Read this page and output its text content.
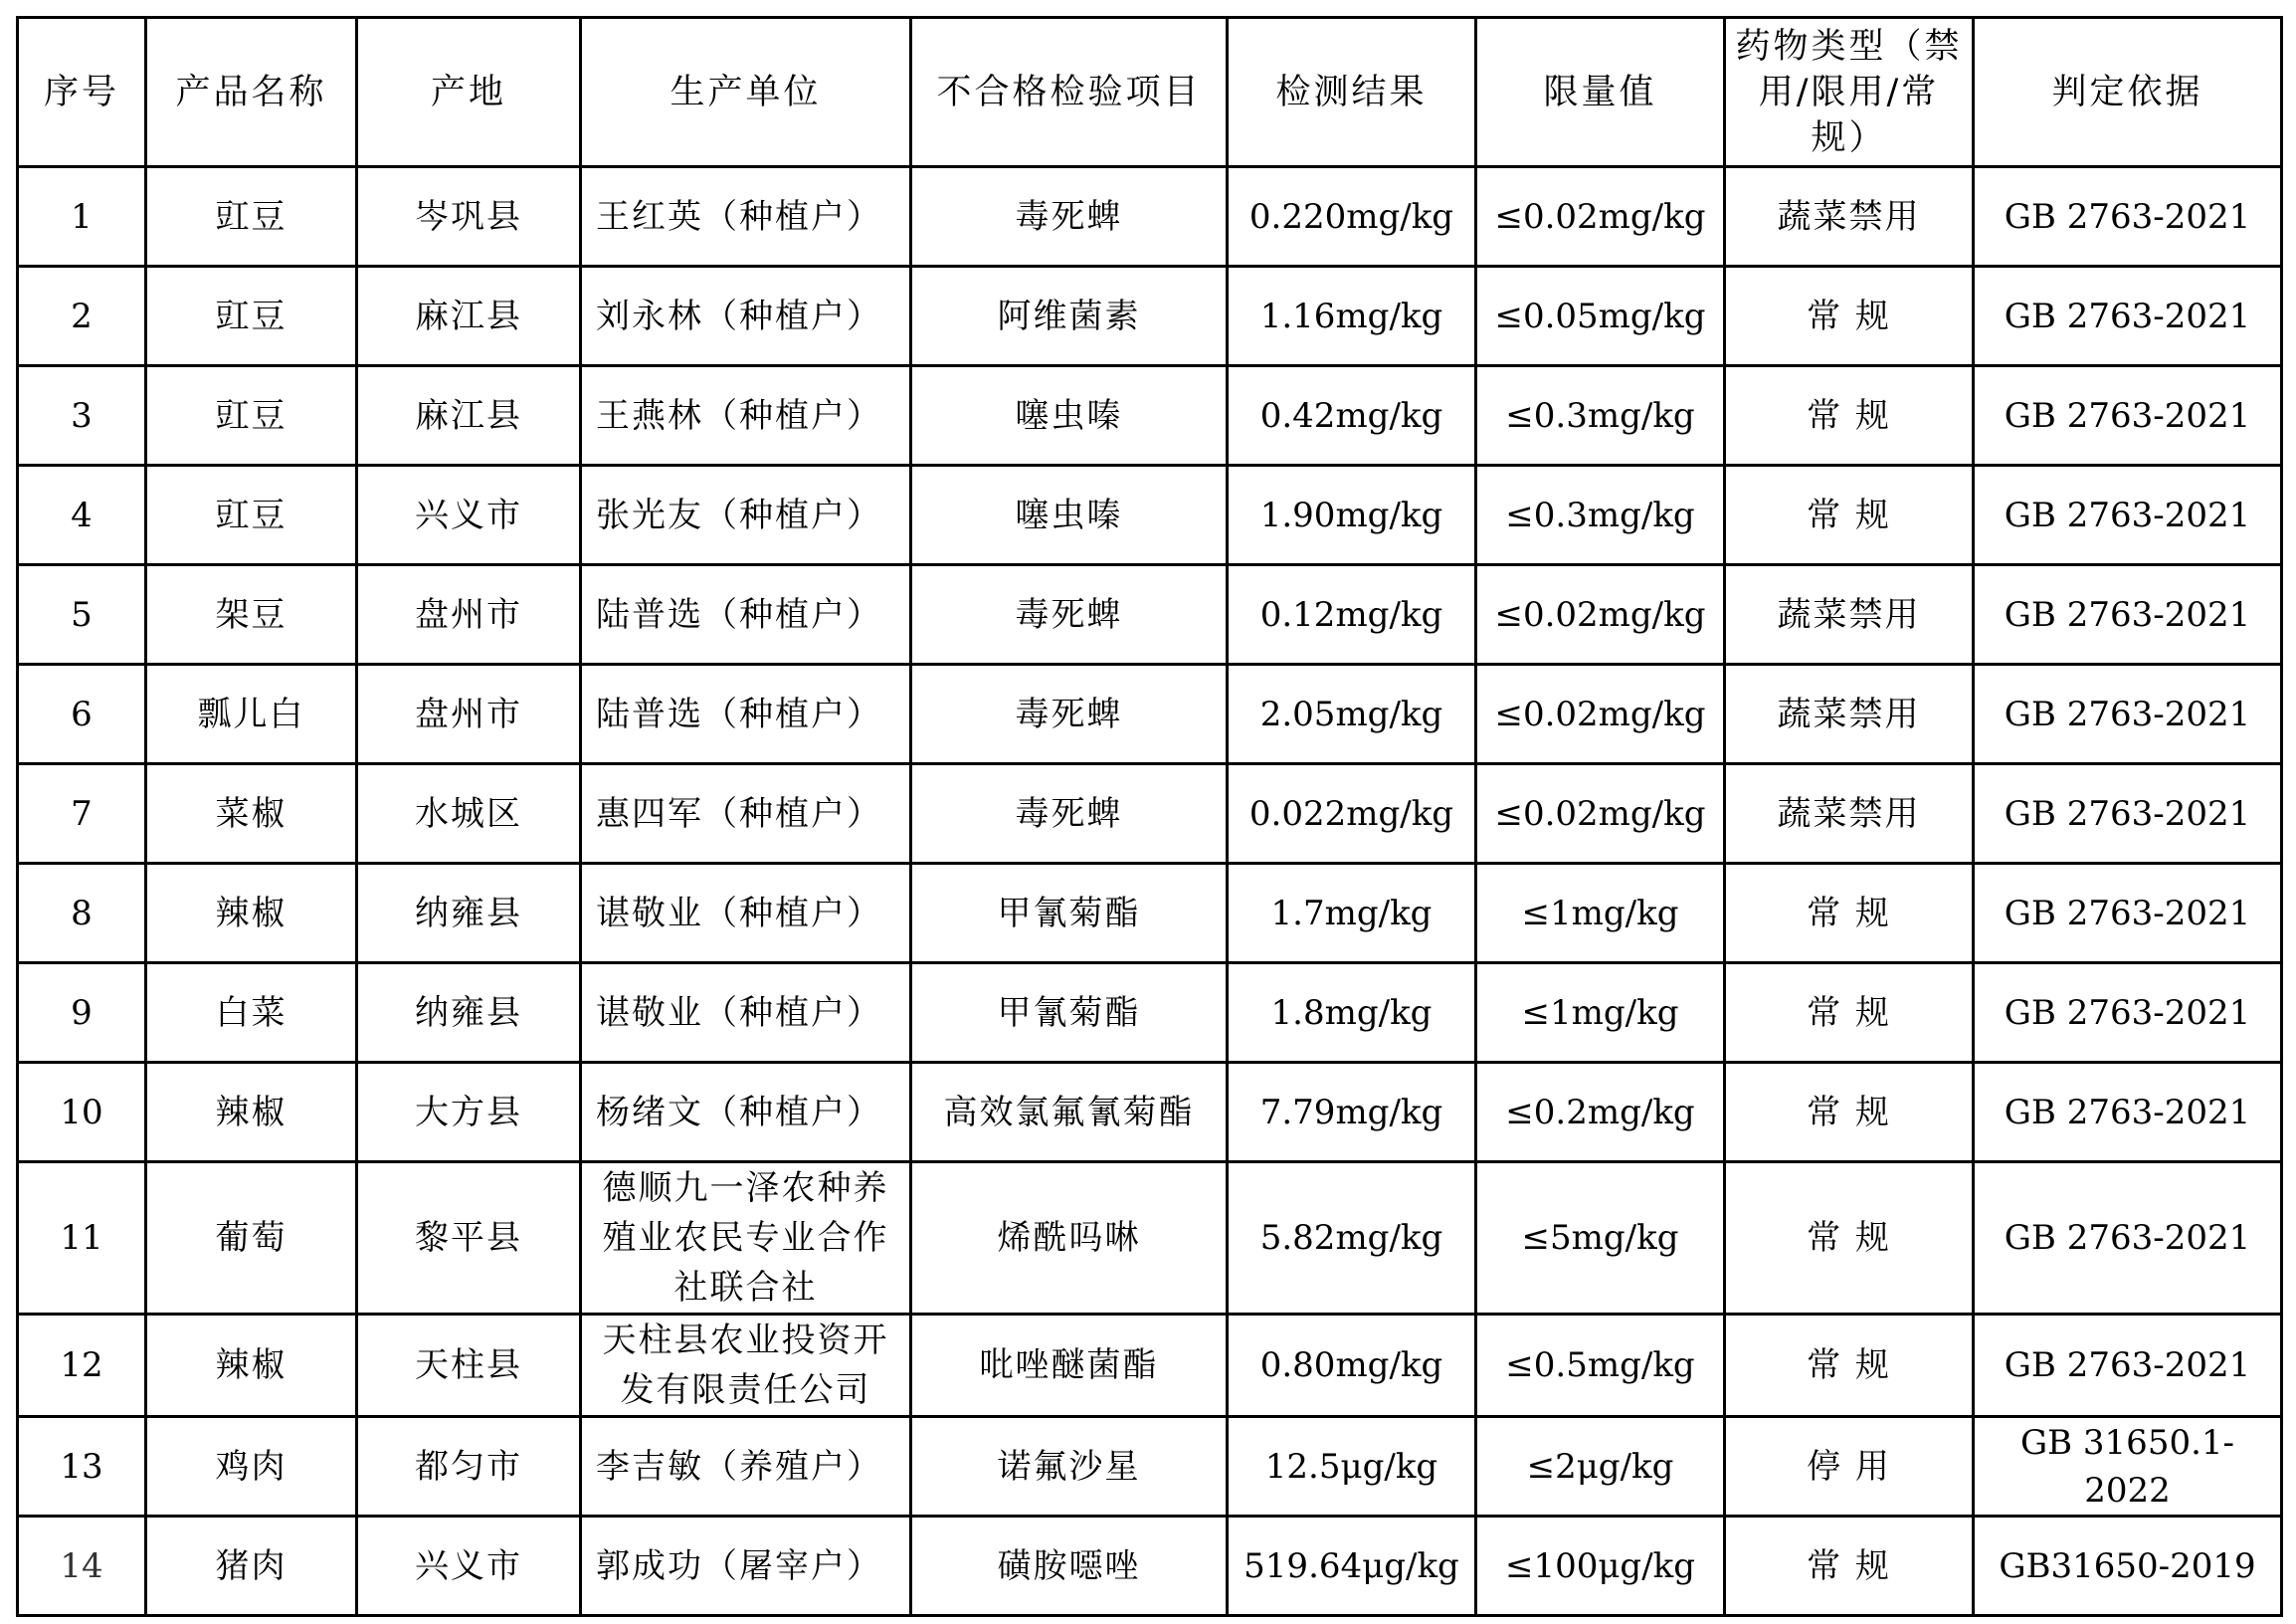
序号	产品名称	产地	生产单位	不合格检验项目	检测结果	限量值	药物类型（禁用/限用/常规）	判定依据
1	豇豆	岑巩县	王红英（种植户）	毒死蜱	0.220mg/kg	≤0.02mg/kg	蔬菜禁用	GB 2763-2021
2	豇豆	麻江县	刘永林（种植户）	阿维菌素	1.16mg/kg	≤0.05mg/kg	常 规	GB 2763-2021
3	豇豆	麻江县	王燕林（种植户）	噻虫嗪	0.42mg/kg	≤0.3mg/kg	常 规	GB 2763-2021
4	豇豆	兴义市	张光友（种植户）	噻虫嗪	1.90mg/kg	≤0.3mg/kg	常 规	GB 2763-2021
5	架豆	盘州市	陆普选（种植户）	毒死蜱	0.12mg/kg	≤0.02mg/kg	蔬菜禁用	GB 2763-2021
6	瓢儿白	盘州市	陆普选（种植户）	毒死蜱	2.05mg/kg	≤0.02mg/kg	蔬菜禁用	GB 2763-2021
7	菜椒	水城区	惠四军（种植户）	毒死蜱	0.022mg/kg	≤0.02mg/kg	蔬菜禁用	GB 2763-2021
8	辣椒	纳雍县	谌敬业（种植户）	甲氰菊酯	1.7mg/kg	≤1mg/kg	常 规	GB 2763-2021
9	白菜	纳雍县	谌敬业（种植户）	甲氰菊酯	1.8mg/kg	≤1mg/kg	常 规	GB 2763-2021
10	辣椒	大方县	杨绪文（种植户）	高效氯氟氰菊酯	7.79mg/kg	≤0.2mg/kg	常 规	GB 2763-2021
11	葡萄	黎平县	德顺九一泽农种养殖业农民专业合作社联合社	烯酰吗啉	5.82mg/kg	≤5mg/kg	常 规	GB 2763-2021
12	辣椒	天柱县	天柱县农业投资开发有限责任公司	吡唑醚菌酯	0.80mg/kg	≤0.5mg/kg	常 规	GB 2763-2021
13	鸡肉	都匀市	李吉敏（养殖户）	诺氟沙星	12.5μg/kg	≤2μg/kg	停 用	GB 31650.1-2022
14	猪肉	兴义市	郭成功（屠宰户）	磺胺噁唑	519.64μg/kg	≤100μg/kg	常 规	GB31650-2019
